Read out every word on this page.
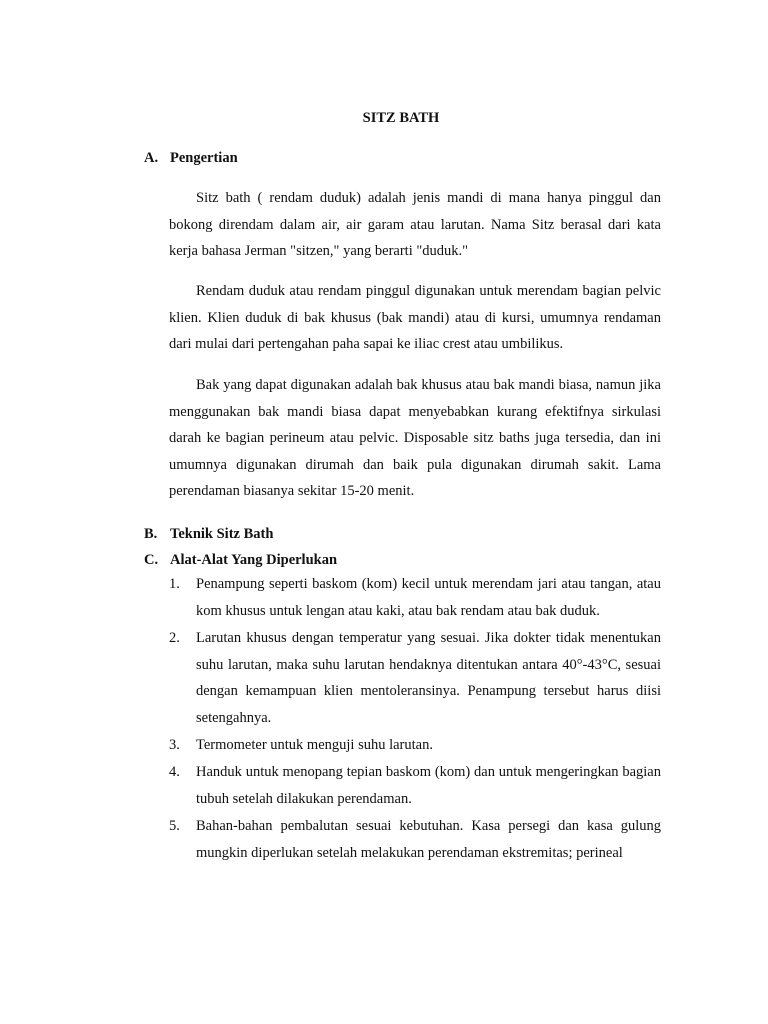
SITZ BATH
A. Pengertian

Sitz bath ( rendam duduk) adalah jenis mandi di mana hanya pinggul dan bokong direndam dalam air, air garam atau larutan. Nama Sitz berasal dari kata kerja bahasa Jerman "sitzen," yang berarti "duduk."

Rendam duduk atau rendam pinggul digunakan untuk merendam bagian pelvic klien. Klien duduk di bak khusus (bak mandi) atau di kursi, umumnya rendaman dari mulai dari pertengahan paha sapai ke iliac crest atau umbilikus.

Bak yang dapat digunakan adalah bak khusus atau bak mandi biasa, namun jika menggunakan bak mandi biasa dapat menyebabkan kurang efektifnya sirkulasi darah ke bagian perineum atau pelvic. Disposable sitz baths juga tersedia, dan ini umumnya digunakan dirumah dan baik pula digunakan dirumah sakit. Lama perendaman biasanya sekitar 15-20 menit.

B. Teknik Sitz Bath
C. Alat-Alat Yang Diperlukan
1.	Penampung seperti baskom (kom) kecil untuk merendam jari atau tangan, atau kom khusus untuk lengan atau kaki, atau bak rendam atau bak duduk.
2.	Larutan khusus dengan temperatur yang sesuai. Jika dokter tidak menentukan suhu larutan, maka suhu larutan hendaknya ditentukan antara 40°-43°C, sesuai dengan kemampuan klien mentoleransinya. Penampung tersebut harus diisi setengahnya.
3.	Termometer untuk menguji suhu larutan.
4.	Handuk untuk menopang tepian baskom (kom) dan untuk mengeringkan bagian tubuh setelah dilakukan perendaman.
5.	Bahan-bahan pembalutan sesuai kebutuhan. Kasa persegi dan kasa gulung mungkin diperlukan setelah melakukan perendaman ekstremitas; perineal
